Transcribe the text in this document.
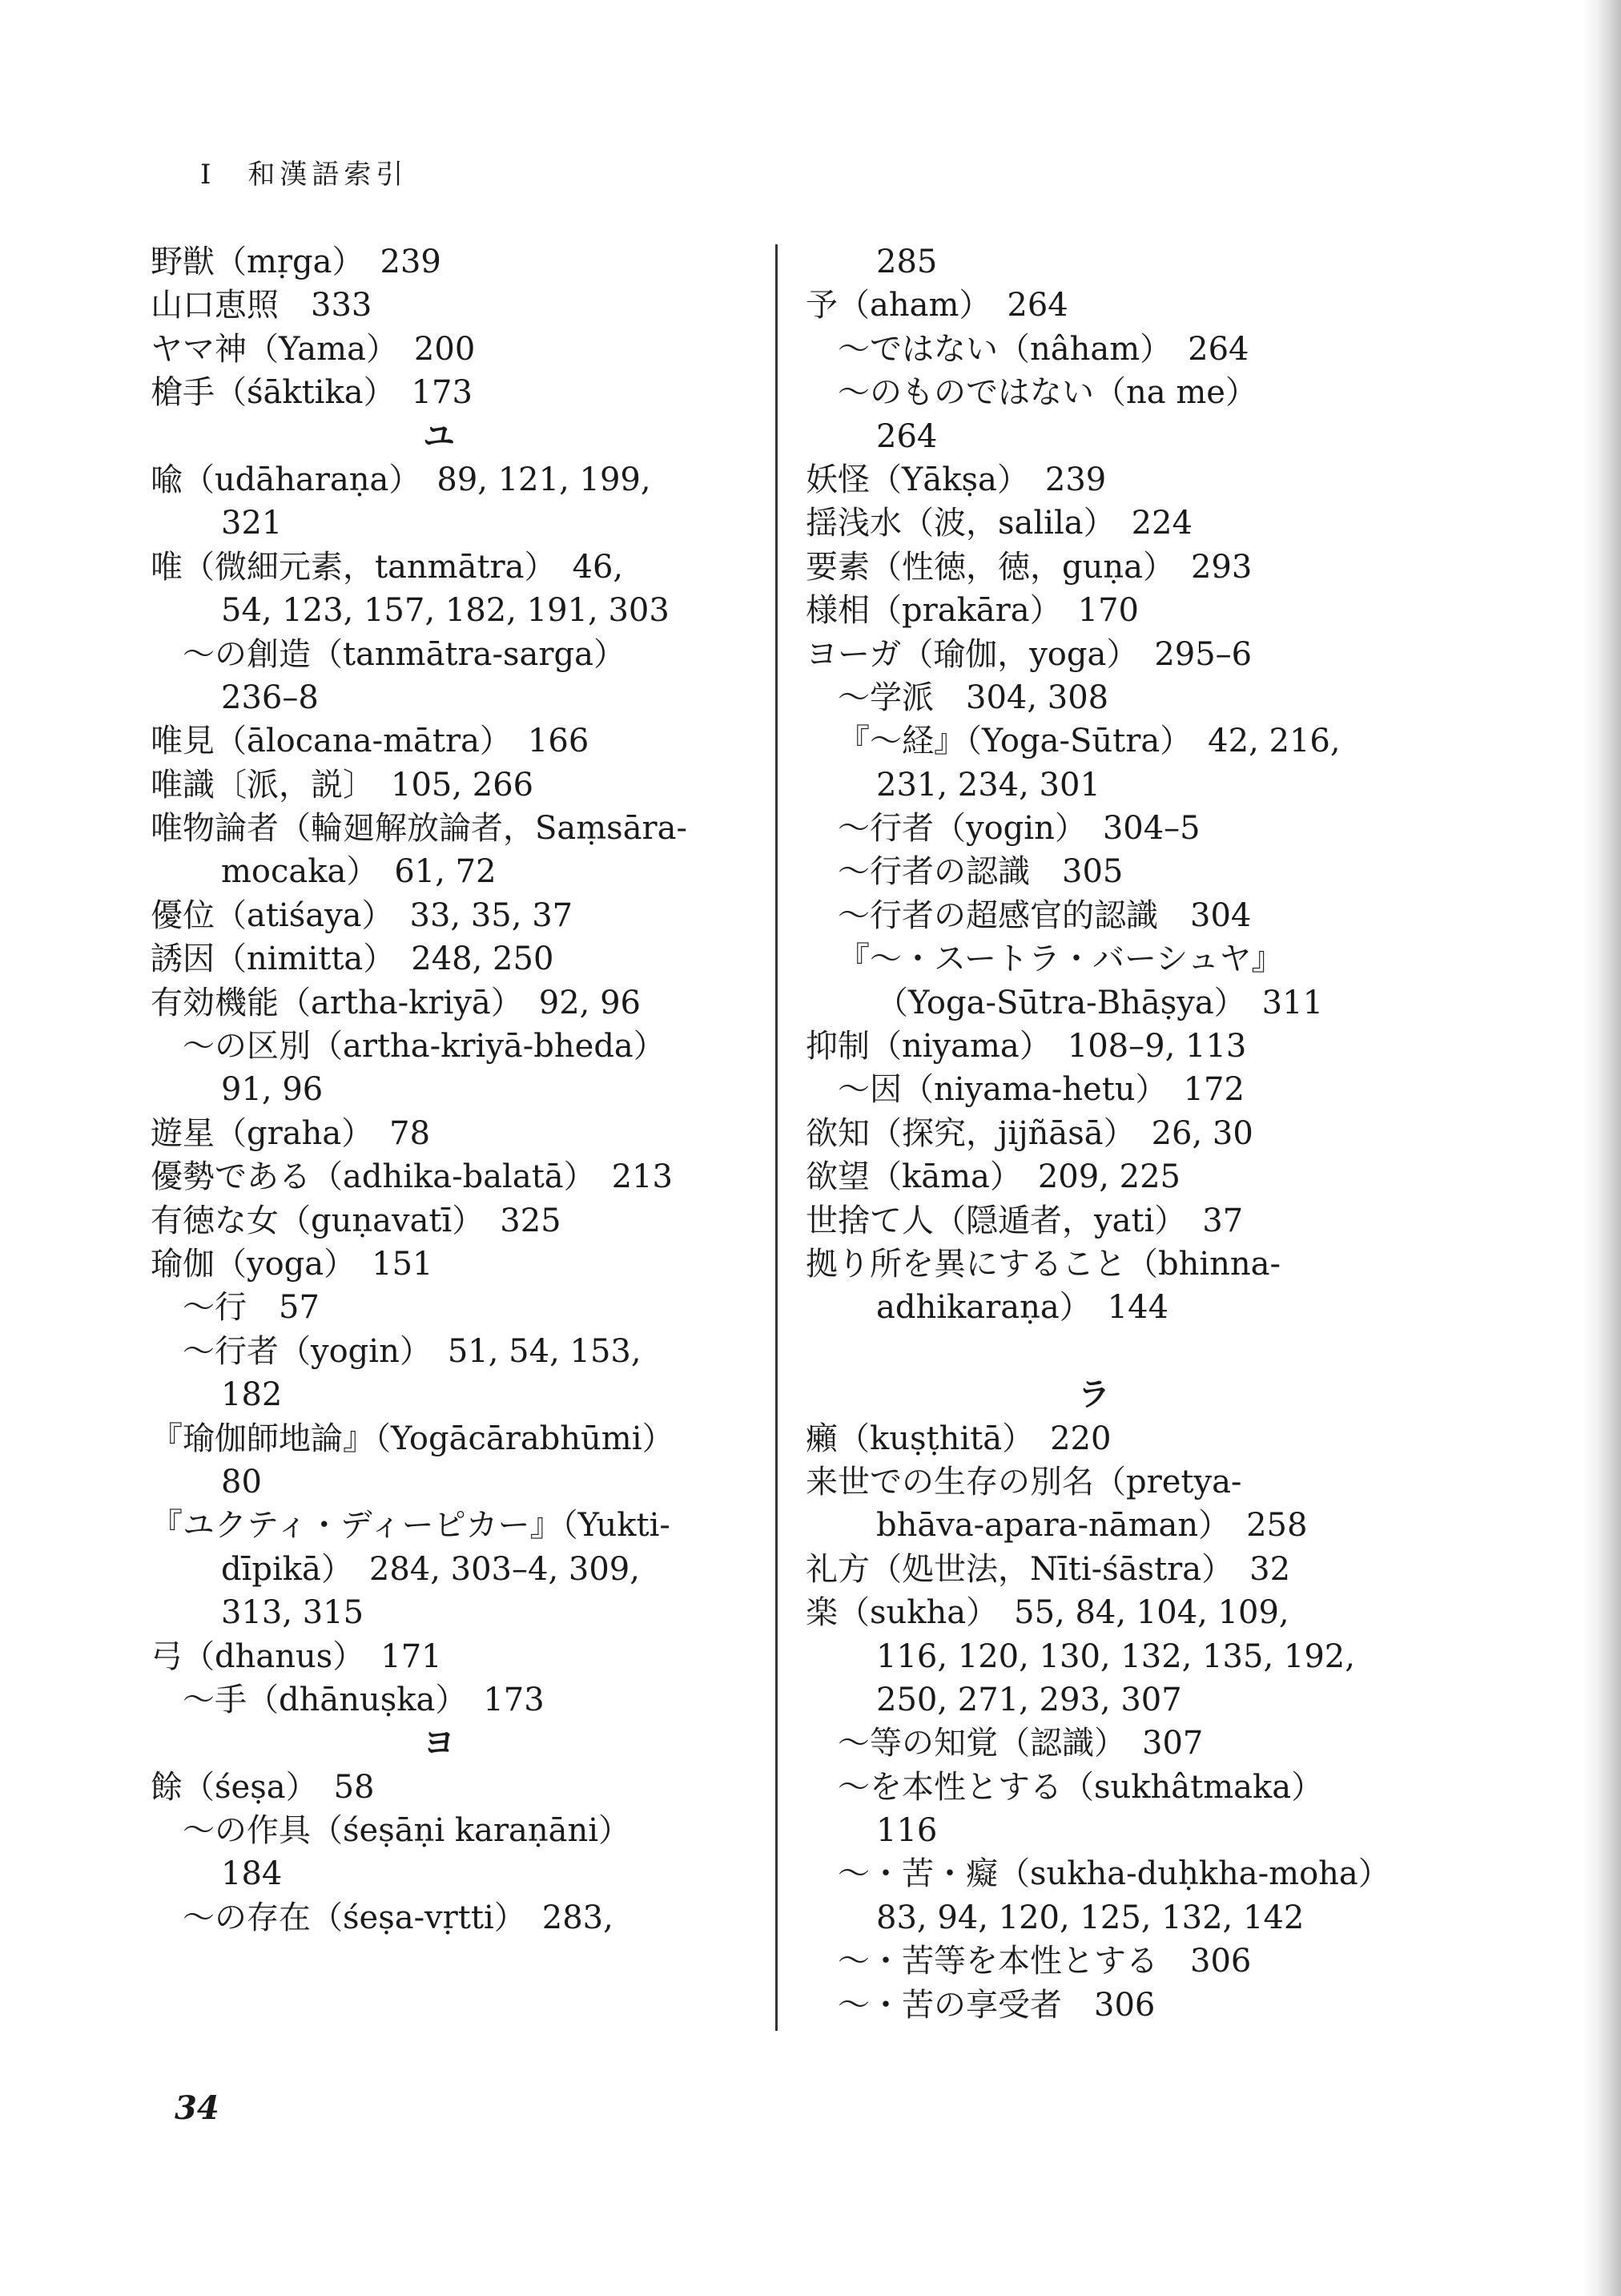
I　和漢語索引
野獣（mṛga）　239
山口恵照　333
ヤマ神（Yama）　200
槍手（śāktika）　173
ユ
喩（udāharaṇa）　89, 121, 199,
321
唯（微細元素，tanmātra）　46,
54, 123, 157, 182, 191, 303
～の創造（tanmātra-sarga）
236–8
唯見（ālocana-mātra）　166
唯識〔派，説〕　105, 266
唯物論者（輪廻解放論者，Saṃsāra-
mocaka）　61, 72
優位（atiśaya）　33, 35, 37
誘因（nimitta）　248, 250
有効機能（artha-kriyā）　92, 96
～の区別（artha-kriyā-bheda）
91, 96
遊星（graha）　78
優勢である（adhika-balatā）　213
有徳な女（guṇavatī）　325
瑜伽（yoga）　151
～行　57
～行者（yogin）　51, 54, 153,
182
『瑜伽師地論』（Yogācārabhūmi）
80
『ユクティ・ディーピカー』（Yukti-
dīpikā）　284, 303–4, 309,
313, 315
弓（dhanus）　171
～手（dhānuṣka）　173
ヨ
餘（śeṣa）　58
～の作具（śeṣāṇi karaṇāni）
184
～の存在（śeṣa-vṛtti）　283,
285
予（aham）　264
～ではない（nâham）　264
～のものではない（na me）
264
妖怪（Yākṣa）　239
揺浅水（波，salila）　224
要素（性徳，徳，guṇa）　293
様相（prakāra）　170
ヨーガ（瑜伽，yoga）　295–6
～学派　304, 308
『～経』（Yoga-Sūtra）　42, 216,
231, 234, 301
～行者（yogin）　304–5
～行者の認識　305
～行者の超感官的認識　304
『～・スートラ・バーシュヤ』
（Yoga-Sūtra-Bhāṣya）　311
抑制（niyama）　108–9, 113
～因（niyama-hetu）　172
欲知（探究，jijñāsā）　26, 30
欲望（kāma）　209, 225
世捨て人（隠遁者，yati）　37
拠り所を異にすること（bhinna-
adhikaraṇa）　144
ラ
癩（kuṣṭhitā）　220
来世での生存の別名（pretya-
bhāva-apara-nāman）　258
礼方（処世法，Nīti-śāstra）　32
楽（sukha）　55, 84, 104, 109,
116, 120, 130, 132, 135, 192,
250, 271, 293, 307
～等の知覚（認識）　307
～を本性とする（sukhâtmaka）
116
～・苦・癡（sukha-duḥkha-moha）
83, 94, 120, 125, 132, 142
～・苦等を本性とする　306
～・苦の享受者　306
34
